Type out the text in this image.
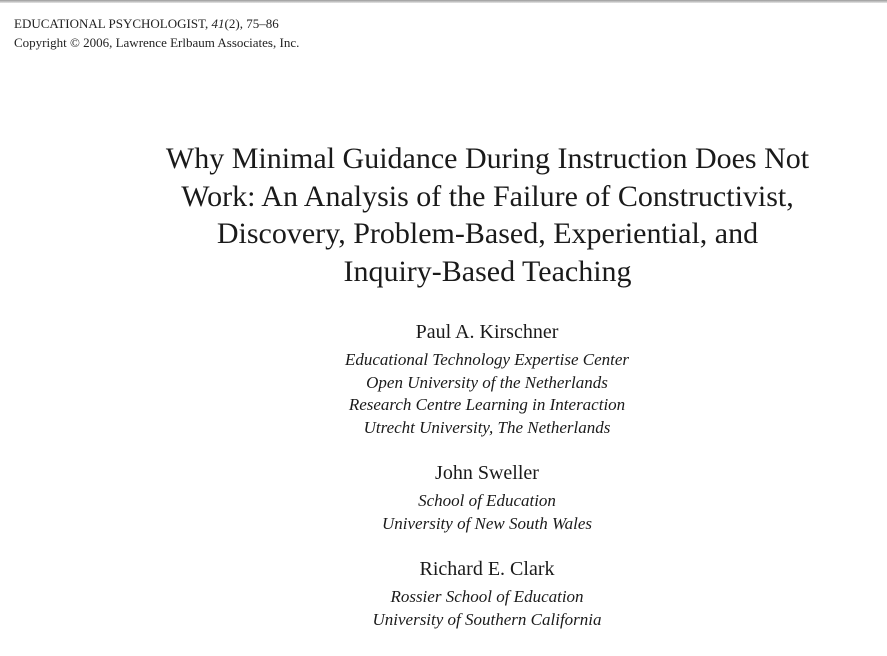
EDUCATIONAL PSYCHOLOGIST, 41(2), 75–86
Copyright © 2006, Lawrence Erlbaum Associates, Inc.
Why Minimal Guidance During Instruction Does Not
Work: An Analysis of the Failure of Constructivist,
Discovery, Problem-Based, Experiential, and
Inquiry-Based Teaching
Paul A. Kirschner
Educational Technology Expertise Center
Open University of the Netherlands
Research Centre Learning in Interaction
Utrecht University, The Netherlands
John Sweller
School of Education
University of New South Wales
Richard E. Clark
Rossier School of Education
University of Southern California
